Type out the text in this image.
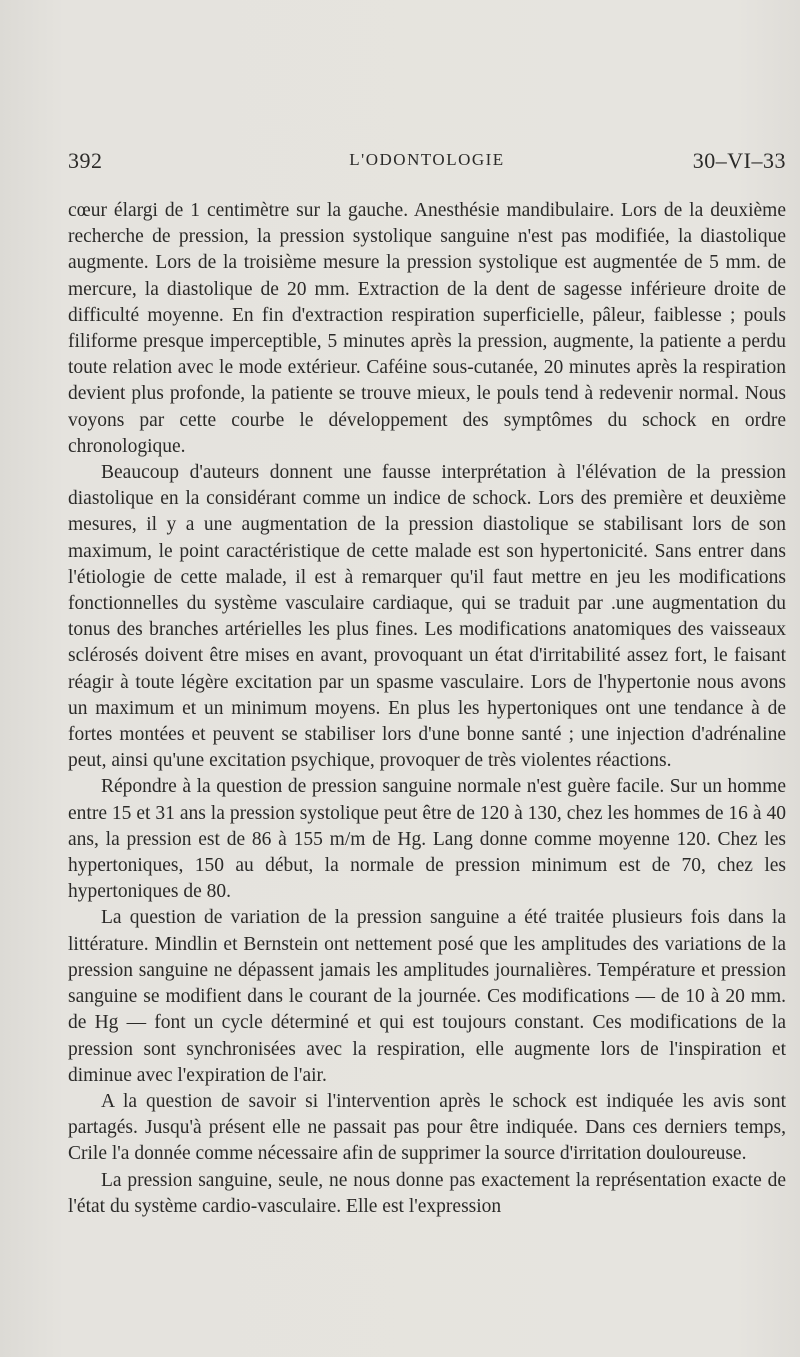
392	L'ODONTOLOGIE	30–VI–33

cœur élargi de 1 centimètre sur la gauche. Anesthésie mandibulaire. Lors de la deuxième recherche de pression, la pression systolique sanguine n'est pas modifiée, la diastolique augmente. Lors de la troisième mesure la pression systolique est augmentée de 5 mm. de mercure, la diastolique de 20 mm. Extraction de la dent de sagesse inférieure droite de difficulté moyenne. En fin d'extraction respiration superficielle, pâleur, faiblesse ; pouls filiforme presque imperceptible, 5 minutes après la pression, augmente, la patiente a perdu toute relation avec le mode extérieur. Caféine sous-cutanée, 20 minutes après la respiration devient plus profonde, la patiente se trouve mieux, le pouls tend à redevenir normal. Nous voyons par cette courbe le développement des symptômes du schock en ordre chronologique.

Beaucoup d'auteurs donnent une fausse interprétation à l'élévation de la pression diastolique en la considérant comme un indice de schock. Lors des première et deuxième mesures, il y a une augmentation de la pression diastolique se stabilisant lors de son maximum, le point caractéristique de cette malade est son hypertonicité. Sans entrer dans l'étiologie de cette malade, il est à remarquer qu'il faut mettre en jeu les modifications fonctionnelles du système vasculaire cardiaque, qui se traduit par .une augmentation du tonus des branches artérielles les plus fines. Les modifications anatomiques des vaisseaux sclérosés doivent être mises en avant, provoquant un état d'irritabilité assez fort, le faisant réagir à toute légère excitation par un spasme vasculaire. Lors de l'hypertonie nous avons un maximum et un minimum moyens. En plus les hypertoniques ont une tendance à de fortes montées et peuvent se stabiliser lors d'une bonne santé ; une injection d'adrénaline peut, ainsi qu'une excitation psychique, provoquer de très violentes réactions.

Répondre à la question de pression sanguine normale n'est guère facile. Sur un homme entre 15 et 31 ans la pression systolique peut être de 120 à 130, chez les hommes de 16 à 40 ans, la pression est de 86 à 155 m/m de Hg. Lang donne comme moyenne 120. Chez les hypertoniques, 150 au début, la normale de pression minimum est de 70, chez les hypertoniques de 80.

La question de variation de la pression sanguine a été traitée plusieurs fois dans la littérature. Mindlin et Bernstein ont nettement posé que les amplitudes des variations de la pression sanguine ne dépassent jamais les amplitudes journalières. Température et pression sanguine se modifient dans le courant de la journée. Ces modifications — de 10 à 20 mm. de Hg — font un cycle déterminé et qui est toujours constant. Ces modifications de la pression sont synchronisées avec la respiration, elle augmente lors de l'inspiration et diminue avec l'expiration de l'air.

A la question de savoir si l'intervention après le schock est indiquée les avis sont partagés. Jusqu'à présent elle ne passait pas pour être indiquée. Dans ces derniers temps, Crile l'a donnée comme nécessaire afin de supprimer la source d'irritation douloureuse.

La pression sanguine, seule, ne nous donne pas exactement la représentation exacte de l'état du système cardio-vasculaire. Elle est l'expression
